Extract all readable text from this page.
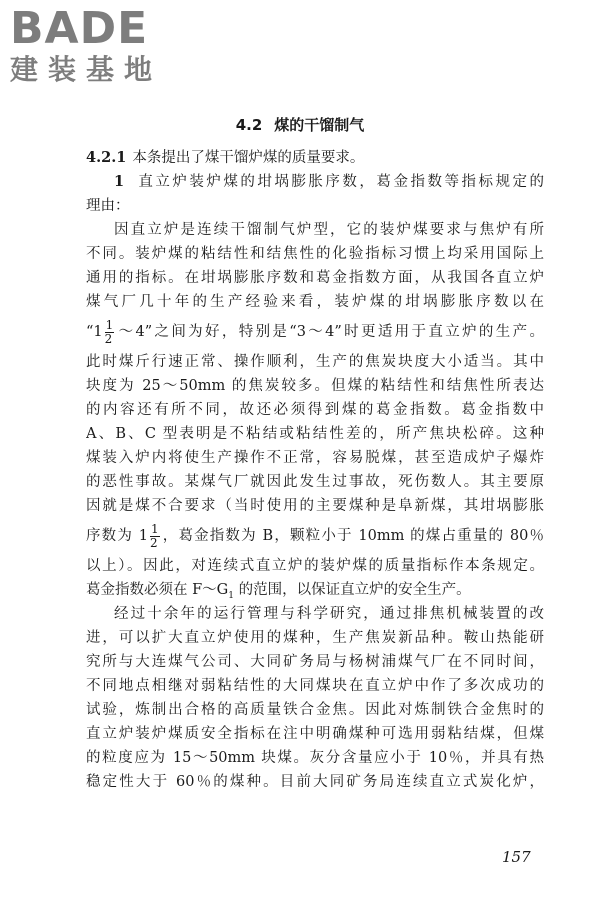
BADE
建装基地
4.2 煤的干馏制气
4.2.1 本条提出了煤干馏炉煤的质量要求。
1 直立炉装炉煤的坩埚膨胀序数，葛金指数等指标规定的
理由：
因直立炉是连续干馏制气炉型，它的装炉煤要求与焦炉有所
不同。装炉煤的粘结性和结焦性的化验指标习惯上均采用国际上
通用的指标。在坩埚膨胀序数和葛金指数方面，从我国各直立炉
煤气厂几十年的生产经验来看，装炉煤的坩埚膨胀序数以在
“$1 \frac{1}{2}$ ～4”之间为好，特别是“3～4”时更适用于直立炉的生产。
此时煤斤行速正常、操作顺利，生产的焦炭块度大小适当。其中
块度为 25～50mm 的焦炭较多。但煤的粘结性和结焦性所表达
的内容还有所不同，故还必须得到煤的葛金指数。葛金指数中
A、B、C 型表明是不粘结或粘结性差的，所产焦块松碎。这种
煤装入炉内将使生产操作不正常，容易脱煤，甚至造成炉子爆炸
的恶性事故。某煤气厂就因此发生过事故，死伤数人。其主要原
因就是煤不合要求（当时使用的主要煤种是阜新煤，其坩埚膨胀
序数为 $1 \frac{1}{2}$ ，葛金指数为 B，颗粒小于 10mm 的煤占重量的 80％
以上）。因此，对连续式直立炉的装炉煤的质量指标作本条规定。
葛金指数必须在 $F\sim G_1$ 的范围，以保证直立炉的安全生产。
经过十余年的运行管理与科学研究，通过排焦机械装置的改
进，可以扩大直立炉使用的煤种，生产焦炭新品种。鞍山热能研
究所与大连煤气公司、大同矿务局与杨树浦煤气厂在不同时间，
不同地点相继对弱粘结性的大同煤块在直立炉中作了多次成功的
试验，炼制出合格的高质量铁合金焦。因此对炼制铁合金焦时的
直立炉装炉煤质安全指标在注中明确煤种可选用弱粘结煤，但煤
的粒度应为 15～50mm 块煤。灰分含量应小于 10％，并具有热
稳定性大于 60％的煤种。目前大同矿务局连续直立式炭化炉，
157
